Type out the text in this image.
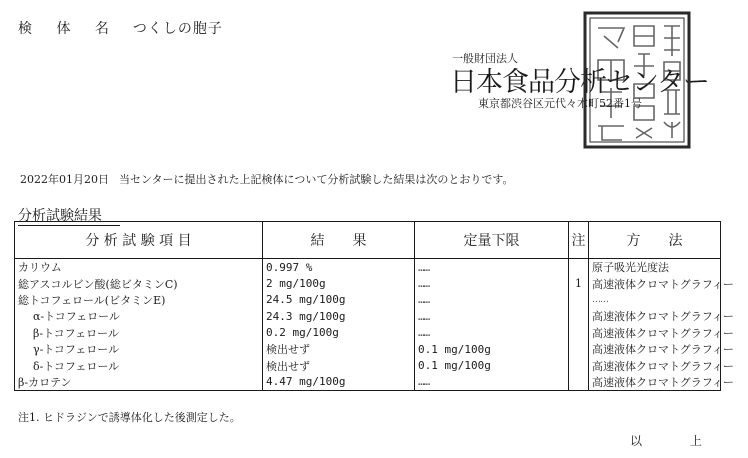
検 体 名 つくしの胞子
一般財団法人
日本食品分析センター
東京都渋谷区元代々木町52番1号
2022年01月20日 当センターに提出された上記検体について分析試験した結果は次のとおりです。
分析試験結果
分 析 試 験 項 目	結　　果	定量下限	注	方　　法
カリウム	0.997 %	……		原子吸光光度法
総アスコルビン酸(総ビタミンC)	2 mg/100g	……	1	高速液体クロマトグラフィー
総トコフェロール(ビタミンE)	24.5 mg/100g	……		……
α-トコフェロール	24.3 mg/100g	……		高速液体クロマトグラフィー
β-トコフェロール	0.2 mg/100g	……		高速液体クロマトグラフィー
γ-トコフェロール	検出せず	0.1 mg/100g		高速液体クロマトグラフィー
δ-トコフェロール	検出せず	0.1 mg/100g		高速液体クロマトグラフィー
β-カロテン	4.47 mg/100g	……		高速液体クロマトグラフィー
注1. ヒドラジンで誘導体化した後測定した。
以 上
